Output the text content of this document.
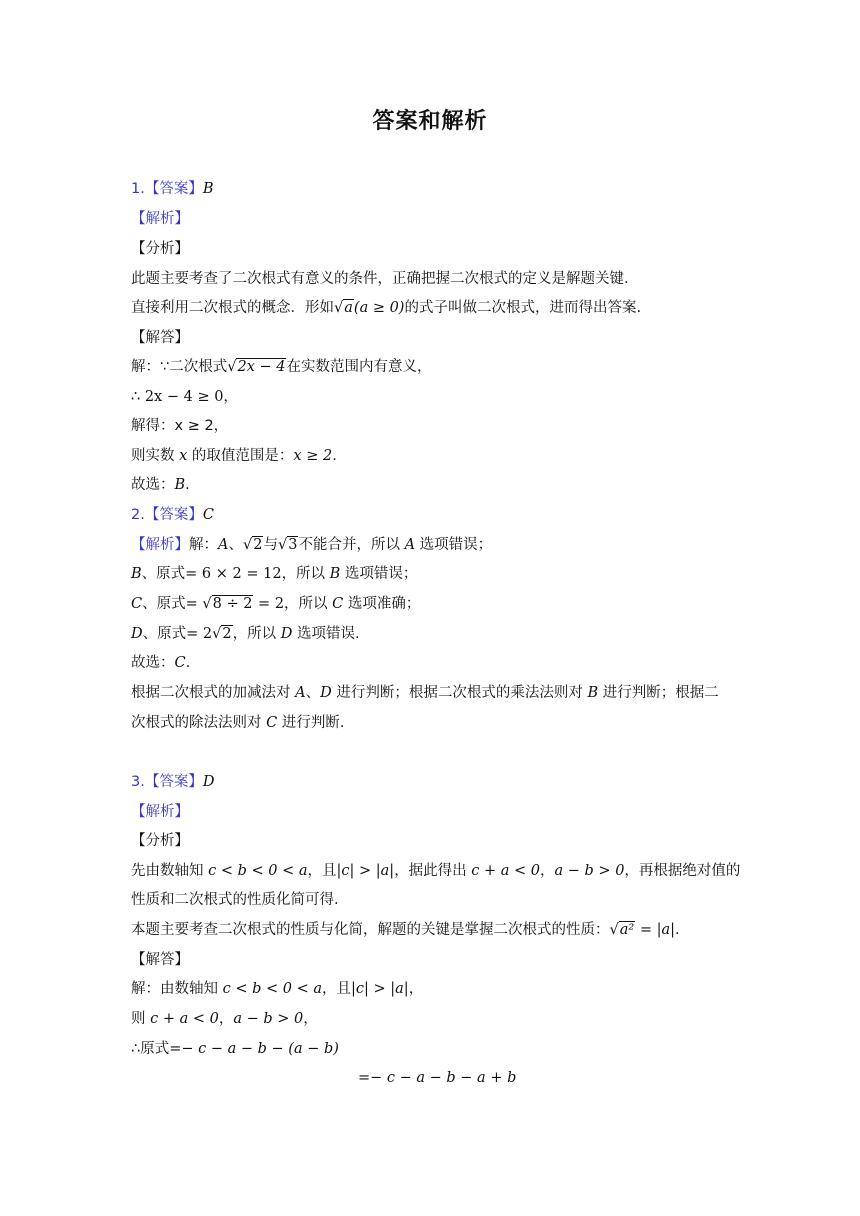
答案和解析
1.【答案】B
【解析】
【分析】
此题主要考查了二次根式有意义的条件，正确把握二次根式的定义是解题关键.
直接利用二次根式的概念．形如√a(a ≥ 0)的式子叫做二次根式，进而得出答案.
【解答】
解：∵二次根式√2x − 4在实数范围内有意义，
∴ 2x − 4 ≥ 0，
解得：x ≥ 2，
则实数 x 的取值范围是：x ≥ 2.
故选：B.
2.【答案】C
【解析】解：A、√2与√3不能合并，所以 A 选项错误；
B、原式= 6 × 2 = 12，所以 B 选项错误；
C、原式= √8 ÷ 2 = 2，所以 C 选项准确；
D、原式= 2√2，所以 D 选项错误.
故选：C.
根据二次根式的加减法对 A、D 进行判断；根据二次根式的乘法法则对 B 进行判断；根据二
次根式的除法法则对 C 进行判断.
3.【答案】D
【解析】
【分析】
先由数轴知 c < b < 0 < a，且|c| > |a|，据此得出 c + a < 0，a − b > 0，再根据绝对值的
性质和二次根式的性质化简可得.
本题主要考查二次根式的性质与化简，解题的关键是掌握二次根式的性质：√a² = |a|.
【解答】
解：由数轴知 c < b < 0 < a，且|c| > |a|，
则 c + a < 0，a − b > 0，
∴原式=− c − a − b − (a − b)
=− c − a − b − a + b
